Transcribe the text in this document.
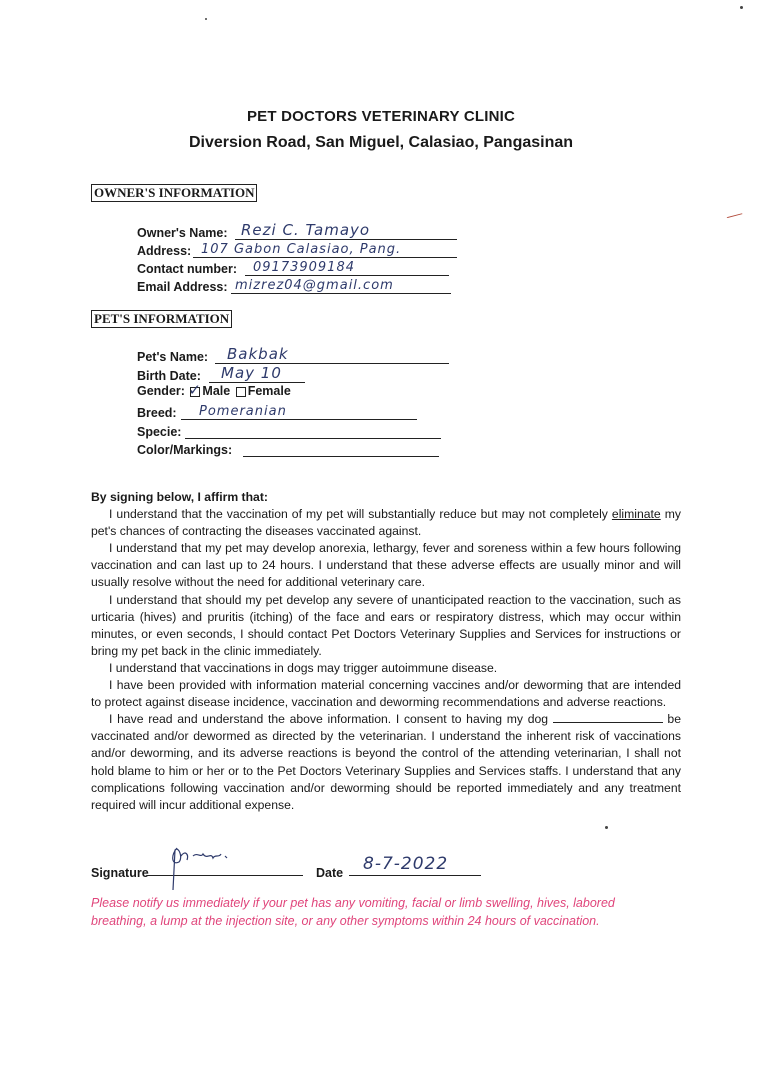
PET DOCTORS VETERINARY CLINIC
Diversion Road, San Miguel, Calasiao, Pangasinan
OWNER'S INFORMATION
Owner's Name: Rezi C. Tamayo
Address: 107 Gabon Calasiao, Pang.
Contact number: 09173909184
Email Address: mizrez04@gmail.com
PET'S INFORMATION
Pet's Name: Bakbak
Birth Date: May 10
Gender: ✓ Male Female
Breed: Pomeranian
Specie:
Color/Markings:

By signing below, I affirm that:

I understand that the vaccination of my pet will substantially reduce but may not completely eliminate my pet's chances of contracting the diseases vaccinated against.

I understand that my pet may develop anorexia, lethargy, fever and soreness within a few hours following vaccination and can last up to 24 hours. I understand that these adverse effects are usually minor and will usually resolve without the need for additional veterinary care.

I understand that should my pet develop any severe of unanticipated reaction to the vaccination, such as urticaria (hives) and pruritis (itching) of the face and ears or respiratory distress, which may occur within minutes, or even seconds, I should contact Pet Doctors Veterinary Supplies and Services for instructions or bring my pet back in the clinic immediately.

I understand that vaccinations in dogs may trigger autoimmune disease.

I have been provided with information material concerning vaccines and/or deworming that are intended to protect against disease incidence, vaccination and deworming recommendations and adverse reactions.

I have read and understand the above information. I consent to having my dog	be vaccinated and/or dewormed as directed by the veterinarian. I understand the inherent risk of vaccinations and/or deworming, and its adverse reactions is beyond the control of the attending veterinarian, I shall not hold blame to him or her or to the Pet Doctors Veterinary Supplies and Services staffs. I understand that any complications following vaccination and/or deworming should be reported immediately and any treatment required will incur additional expense.

Signature	Date 8-7-2022
Please notify us immediately if your pet has any vomiting, facial or limb swelling, hives, labored breathing, a lump at the injection site, or any other symptoms within 24 hours of vaccination.
⟋
